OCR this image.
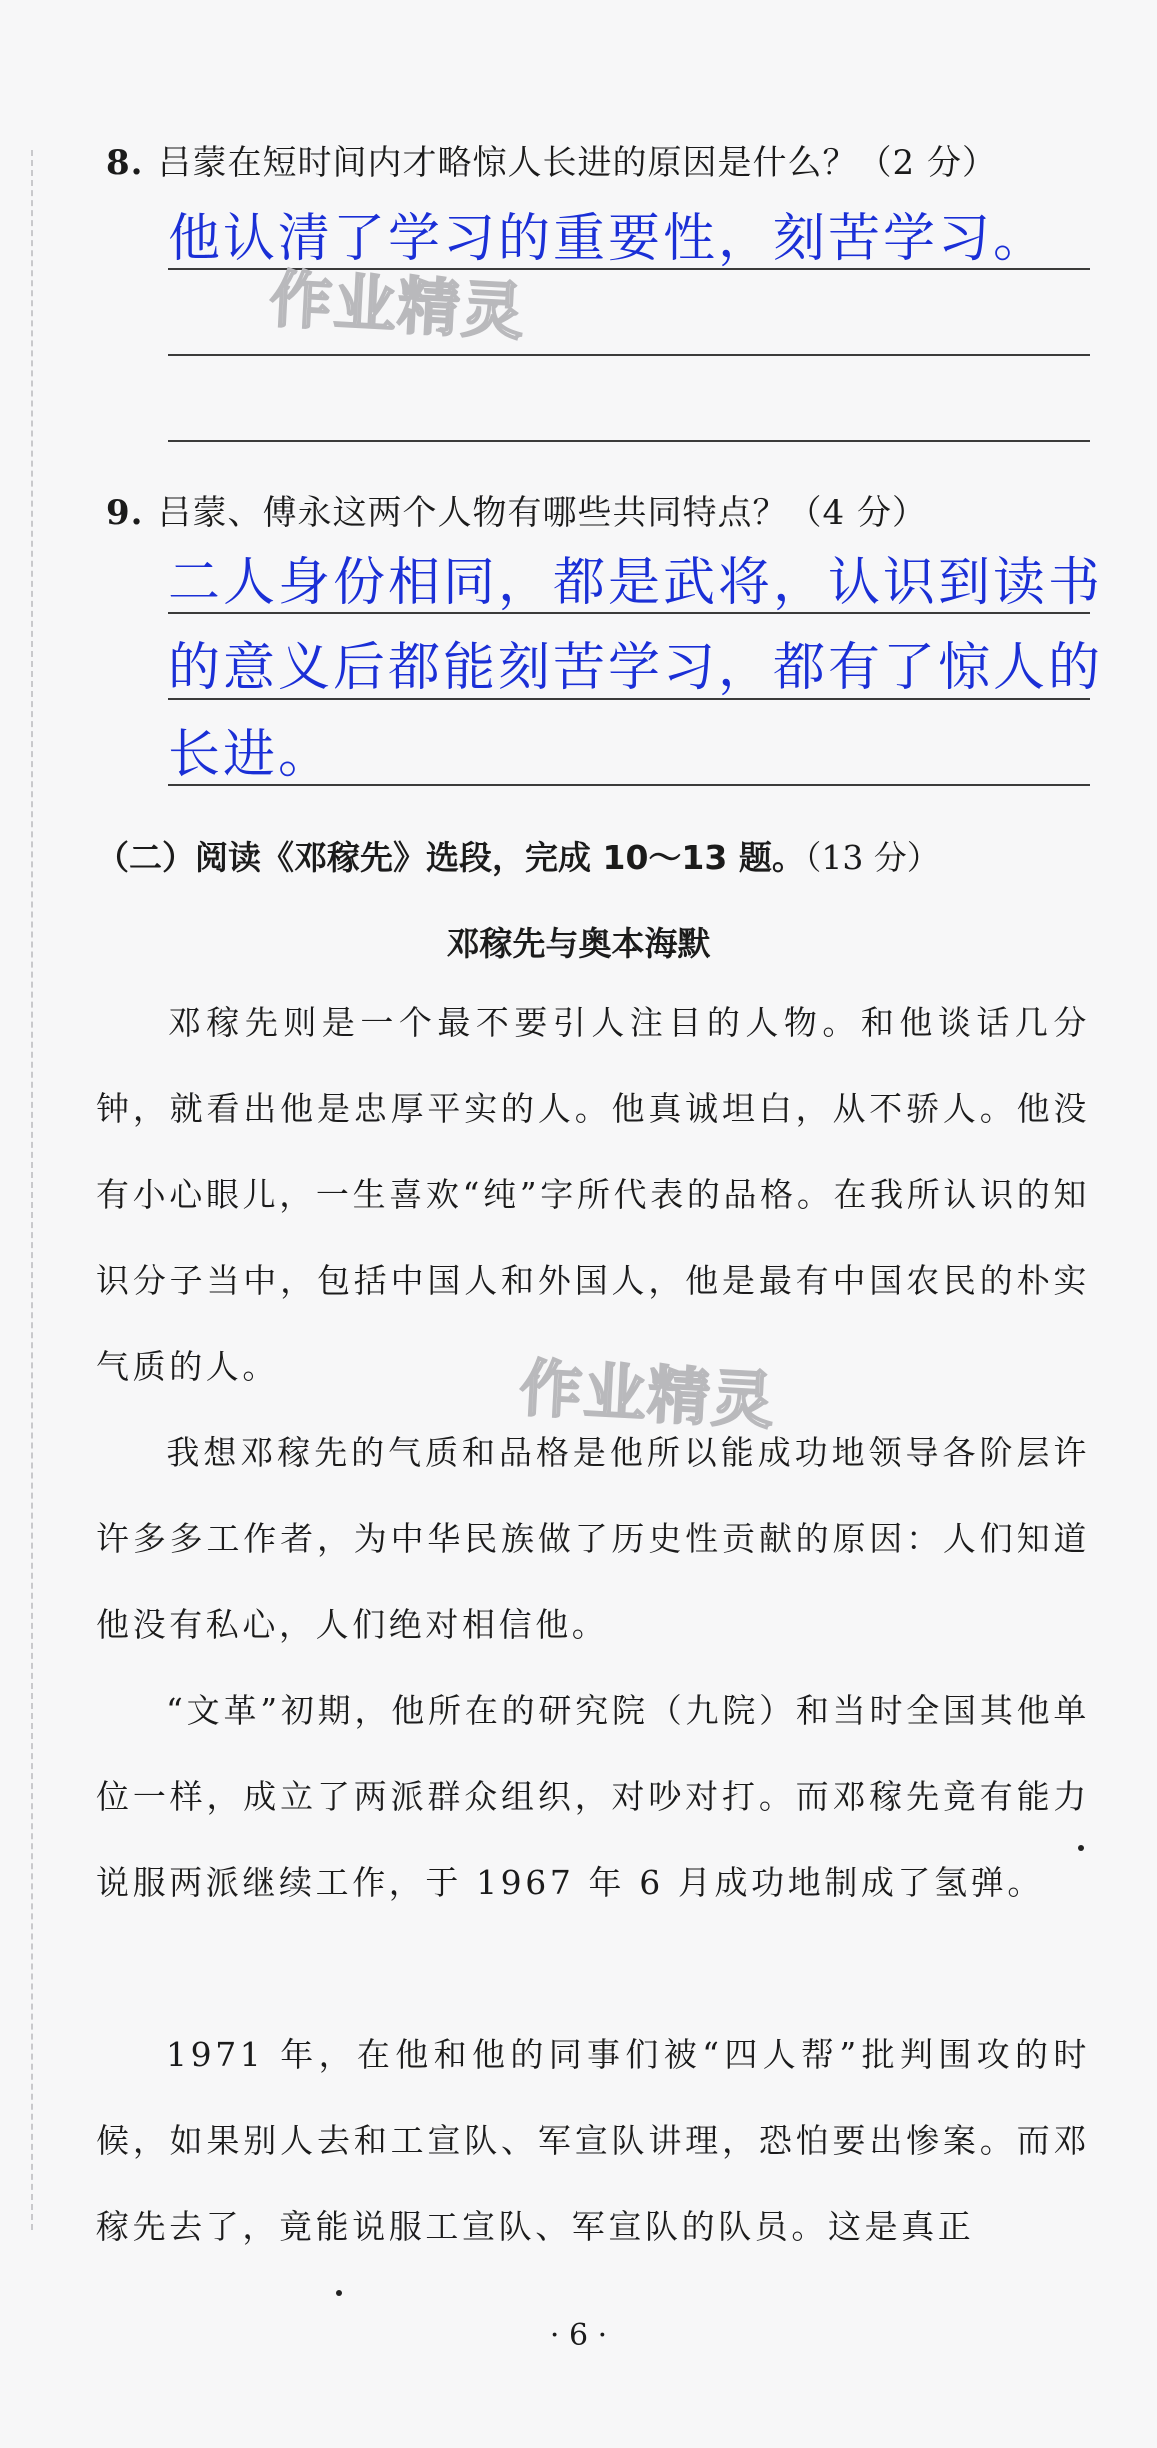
8. 吕蒙在短时间内才略惊人长进的原因是什么？（2 分）
他认清了学习的重要性，刻苦学习。
作业精灵
9. 吕蒙、傅永这两个人物有哪些共同特点？（4 分）
二人身份相同，都是武将，认识到读书
的意义后都能刻苦学习，都有了惊人的
长进。
（二）阅读《邓稼先》选段，完成 10～13 题。（13 分）
邓稼先与奥本海默
邓稼先则是一个最不要引人注目的人物。和他谈话几分钟，就看出他是忠厚平实的人。他真诚坦白，从不骄人。他没有小心眼儿，一生喜欢“纯”字所代表的品格。在我所认识的知识分子当中，包括中国人和外国人，他是最有中国农民的朴实气质的人。
我想邓稼先的气质和品格是他所以能成功地领导各阶层许许多多工作者，为中华民族做了历史性贡献的原因：人们知道他没有私心，人们绝对相信他。
“文革”初期，他所在的研究院（九院）和当时全国其他单位一样，成立了两派群众组织，对吵对打。而邓稼先竟有能力说服两派继续工作，于 1967 年 6 月成功地制成了氢弹。
1971 年，在他和他的同事们被“四人帮”批判围攻的时候，如果别人去和工宣队、军宣队讲理，恐怕要出惨案。而邓稼先去了，竟能说服工宣队、军宣队的队员。这是真正
作业精灵
· 6 ·
